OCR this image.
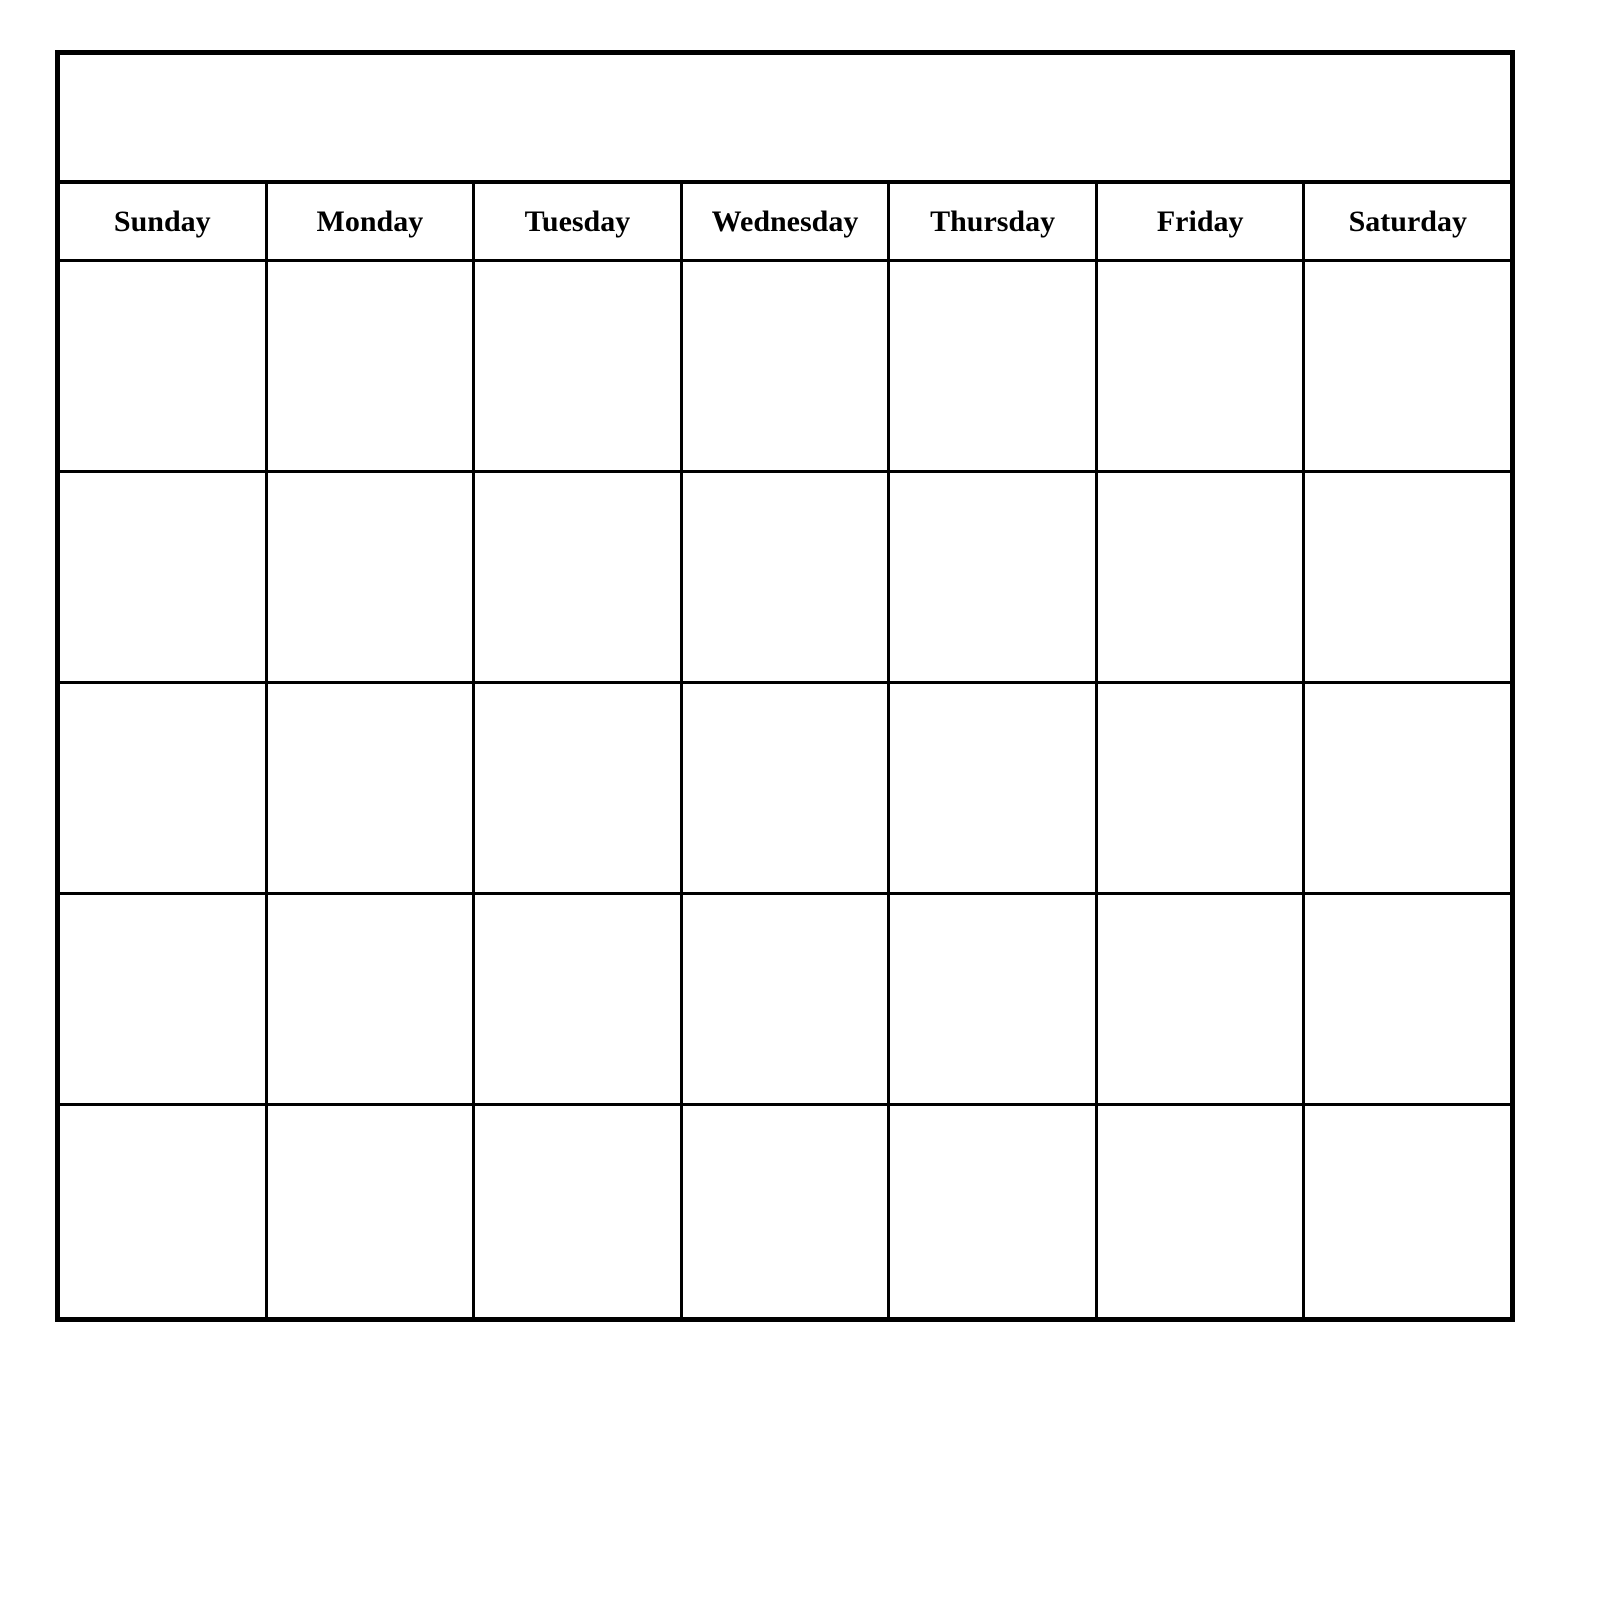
Sunday	Monday	Tuesday	Wednesday Thursday	Friday	Saturday
